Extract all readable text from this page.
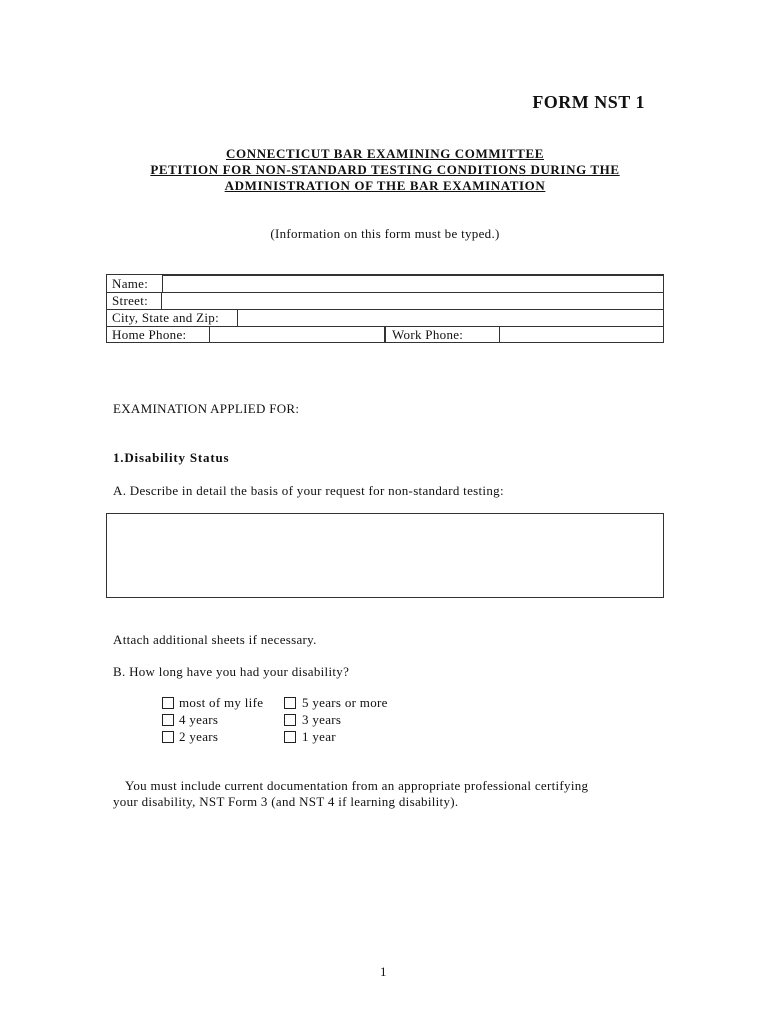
FORM NST 1
CONNECTICUT BAR EXAMINING COMMITTEE
PETITION FOR NON-STANDARD TESTING CONDITIONS DURING THE
ADMINISTRATION OF THE BAR EXAMINATION
(Information on this form must be typed.)
Name:
Street:
City, State and Zip:
Home Phone:	Work Phone:
EXAMINATION APPLIED FOR:
1.Disability Status
A. Describe in detail the basis of your request for non-standard testing:
Attach additional sheets if necessary.
B. How long have you had your disability?
most of my life	5 years or more
4 years	3 years
2 years	1 year
You must include current documentation from an appropriate professional certifying
your disability, NST Form 3 (and NST 4 if learning disability).
1
